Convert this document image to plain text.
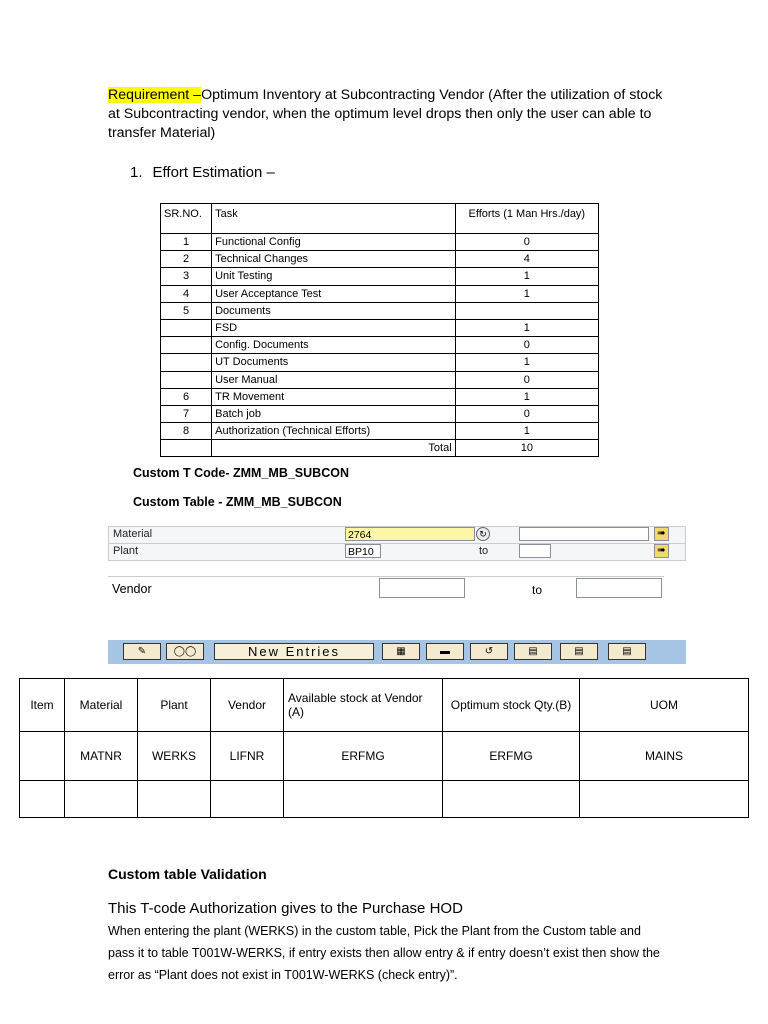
Requirement –Optimum Inventory at Subcontracting Vendor (After the utilization of stock at Subcontracting vendor, when the optimum level drops then only the user can able to transfer Material)
1. Effort Estimation –
SR.NO.	Task	Efforts (1 Man Hrs./day)
1	Functional Config	0
2	Technical Changes	4
3	Unit Testing	1
4	User Acceptance Test	1
5	Documents	
	FSD	1
	Config. Documents	0
	UT Documents	1
	User Manual	0
6	TR Movement	1
7	Batch job	0
8	Authorization (Technical Efforts)	1
	Total	10
Custom T Code- ZMM_MB_SUBCON
Custom Table - ZMM_MB_SUBCON
Material	2764	↻	➠
Plant	BP10	to	➠
Vendor	to
✎	◯◯	New Entries	▦	▬	↺	▤	▤	▤
Item	Material	Plant	Vendor	Available stock at Vendor (A)	Optimum stock Qty.(B)	UOM
	MATNR	WERKS	LIFNR	ERFMG	ERFMG	MAINS

Custom table Validation
This T-code Authorization gives to the Purchase HOD
When entering the plant (WERKS) in the custom table, Pick the Plant from the Custom table and pass it to table T001W-WERKS, if entry exists then allow entry & if entry doesn’t exist then show the error as “Plant does not exist in T001W-WERKS (check entry)”.
